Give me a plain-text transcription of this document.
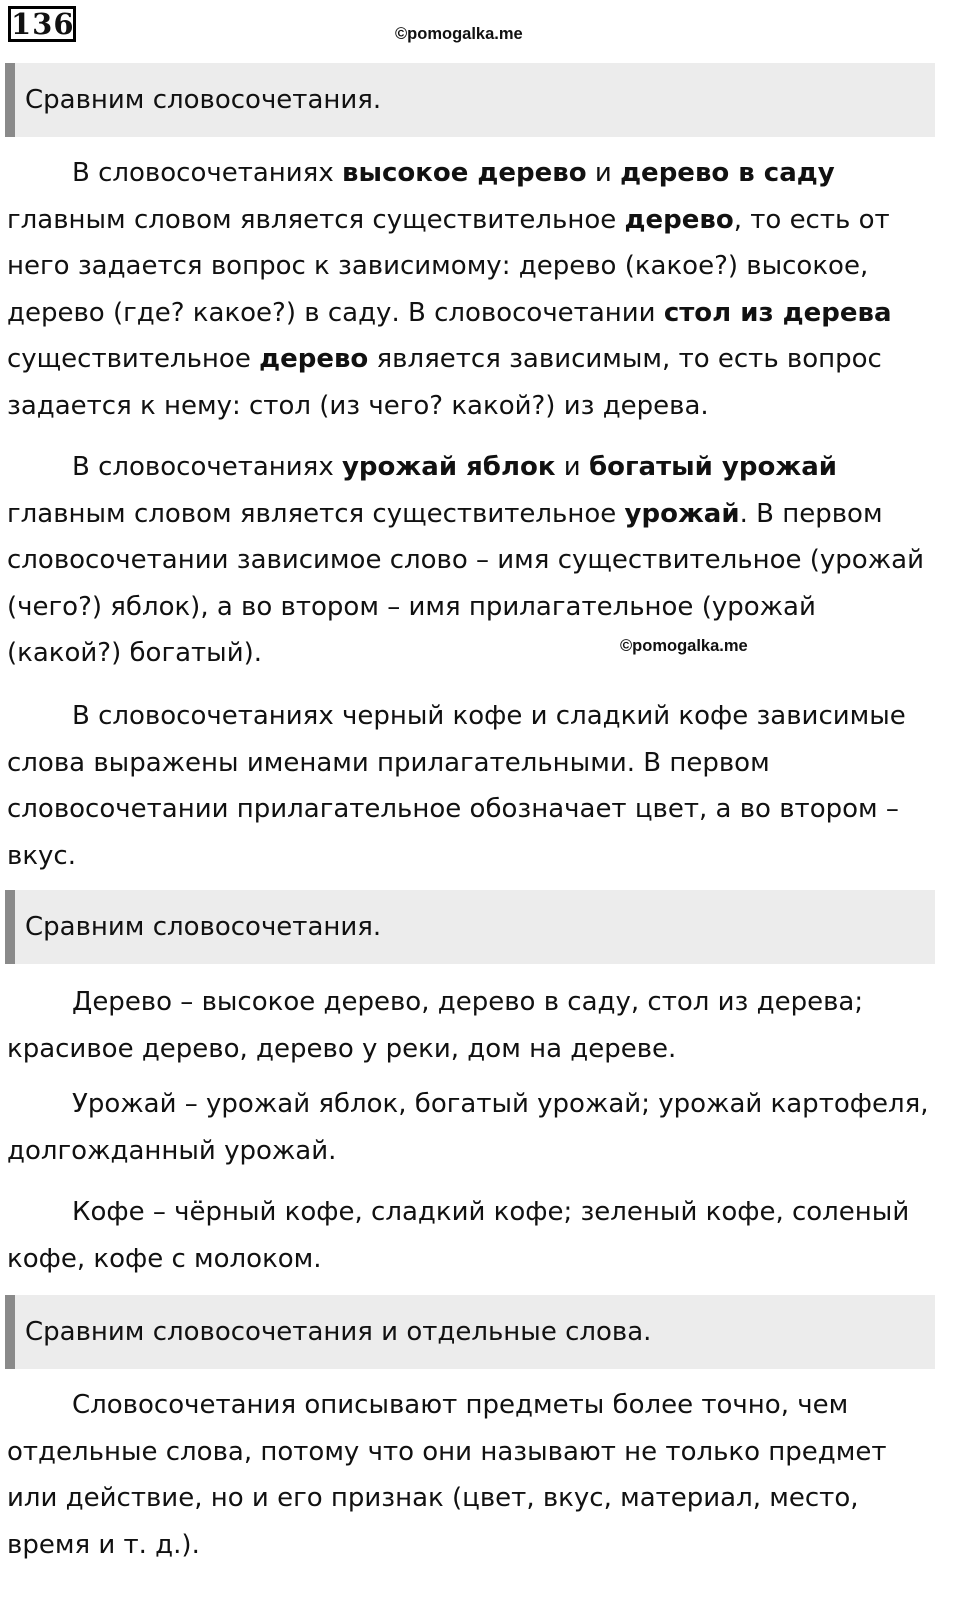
136	©pomogalka.me
Сравним словосочетания.
В словосочетаниях высокое дерево и дерево в саду
главным словом является существительное дерево, то есть от него задается вопрос к зависимому: дерево (какое?) высокое, дерево (где? какое?) в саду. В словосочетании стол из дерева существительное дерево является зависимым, то есть вопрос задается к нему: стол (из чего? какой?) из дерева.
В словосочетаниях урожай яблок и богатый урожай
главным словом является существительное урожай. В первом словосочетании зависимое слово – имя существительное (урожай (чего?) яблок), а во втором – имя прилагательное (урожай (какой?) богатый).	©pomogalka.me
В словосочетаниях черный кофе и сладкий кофе зависимые слова выражены именами прилагательными. В первом словосочетании прилагательное обозначает цвет, а во втором – вкус.
Сравним словосочетания.
Дерево – высокое дерево, дерево в саду, стол из дерева; красивое дерево, дерево у реки, дом на дереве.
Урожай – урожай яблок, богатый урожай; урожай картофеля, долгожданный урожай.
Кофе – чёрный кофе, сладкий кофе; зеленый кофе, соленый кофе, кофе с молоком.
Сравним словосочетания и отдельные слова.
Словосочетания описывают предметы более точно, чем отдельные слова, потому что они называют не только предмет или действие, но и его признак (цвет, вкус, материал, место, время и т. д.).
